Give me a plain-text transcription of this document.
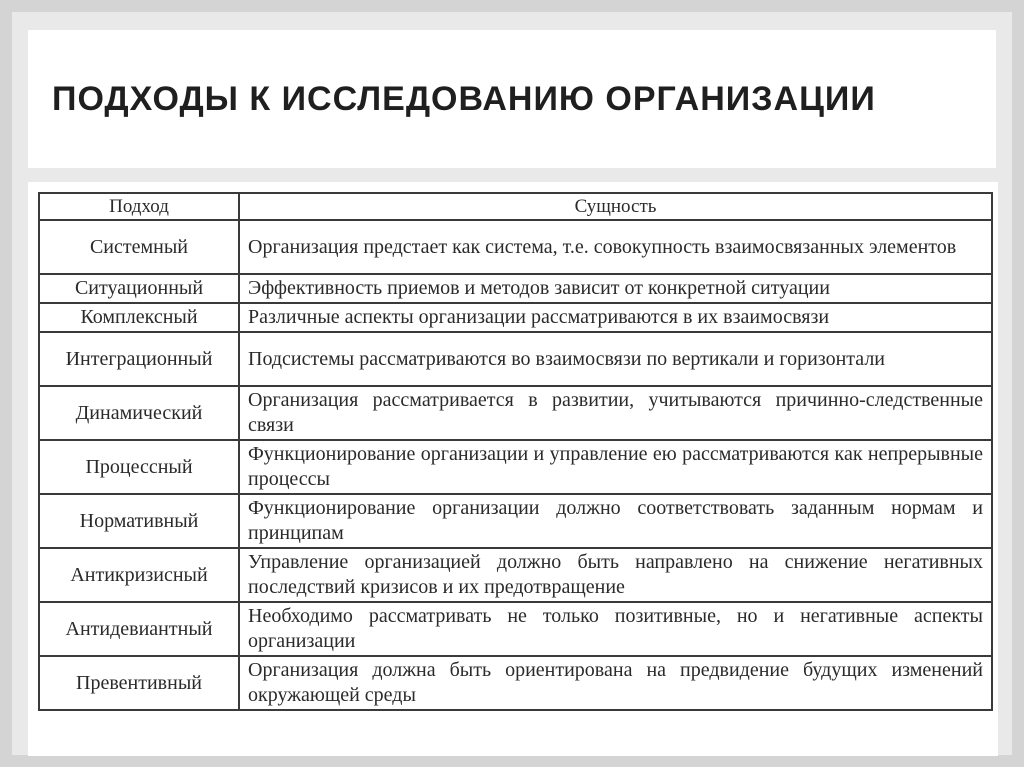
ПОДХОДЫ К ИССЛЕДОВАНИЮ ОРГАНИЗАЦИИ
Подход	Сущность
Системный	Организация предстает как система, т.е. совокупность взаимосвязанных элементов
Ситуационный	Эффективность приемов и методов зависит от конкретной ситуации
Комплексный	Различные аспекты организации рассматриваются в их взаимосвязи
Интеграционный	Подсистемы рассматриваются во взаимосвязи по вертикали и горизонтали
Динамический	Организация рассматривается в развитии, учитываются причинно-следственные связи
Процессный	Функционирование организации и управление ею рассматриваются как непрерывные процессы
Нормативный	Функционирование организации должно соответствовать заданным нормам и принципам
Антикризисный	Управление организацией должно быть направлено на снижение негативных последствий кризисов и их предотвращение
Антидевиантный	Необходимо рассматривать не только позитивные, но и негативные аспекты организации
Превентивный	Организация должна быть ориентирована на предвидение будущих изменений окружающей среды
